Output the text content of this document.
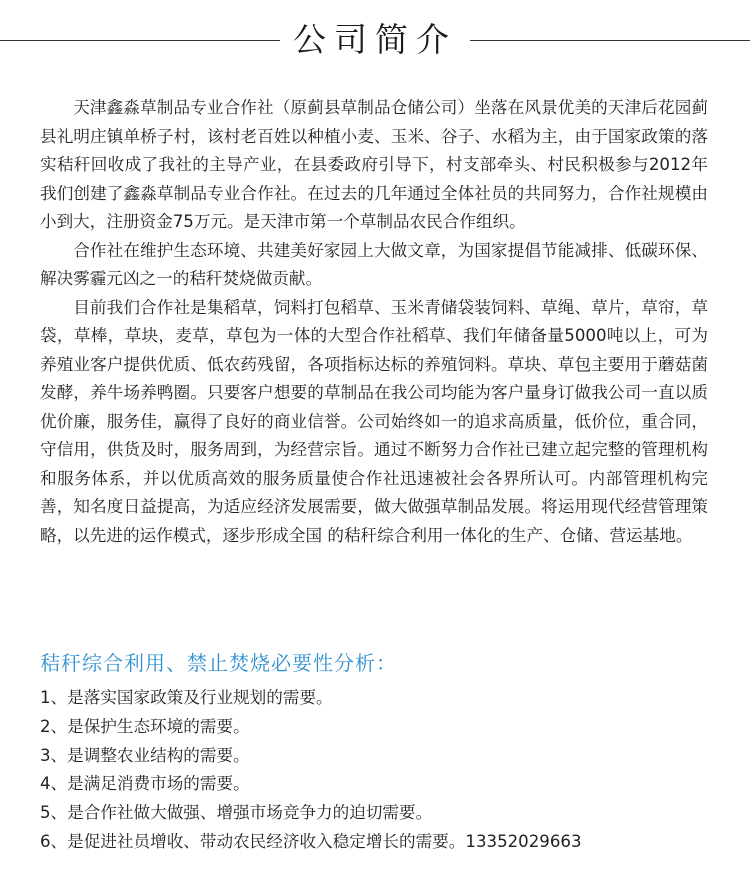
公司简介

天津鑫淼草制品专业合作社（原蓟县草制品仓储公司）坐落在风景优美的天津后花园蓟县礼明庄镇单桥子村，该村老百姓以种植小麦、玉米、谷子、水稻为主，由于国家政策的落实秸秆回收成了我社的主导产业，在县委政府引导下，村支部牵头、村民积极参与2012年我们创建了鑫淼草制品专业合作社。在过去的几年通过全体社员的共同努力，合作社规模由小到大，注册资金75万元。是天津市第一个草制品农民合作组织。

合作社在维护生态环境、共建美好家园上大做文章，为国家提倡节能减排、低碳环保、解决雾霾元凶之一的秸秆焚烧做贡献。

目前我们合作社是集稻草，饲料打包稻草、玉米青储袋装饲料、草绳、草片，草帘，草袋，草棒，草块，麦草，草包为一体的大型合作社稻草、我们年储备量5000吨以上，可为养殖业客户提供优质、低农药残留，各项指标达标的养殖饲料。草块、草包主要用于蘑菇菌发酵，养牛场养鸭圈。只要客户想要的草制品在我公司均能为客户量身订做我公司一直以质优价廉，服务佳，赢得了良好的商业信誉。公司始终如一的追求高质量，低价位，重合同，守信用，供货及时，服务周到，为经营宗旨。通过不断努力合作社已建立起完整的管理机构和服务体系，并以优质高效的服务质量使合作社迅速被社会各界所认可。内部管理机构完善，知名度日益提高，为适应经济发展需要，做大做强草制品发展。将运用现代经营管理策略，以先进的运作模式，逐步形成全国 的秸秆综合利用一体化的生产、仓储、营运基地。

秸秆综合利用、禁止焚烧必要性分析：
1、是落实国家政策及行业规划的需要。
2、是保护生态环境的需要。
3、是调整农业结构的需要。
4、是满足消费市场的需要。
5、是合作社做大做强、增强市场竞争力的迫切需要。
6、是促进社员增收、带动农民经济收入稳定增长的需要。13352029663
